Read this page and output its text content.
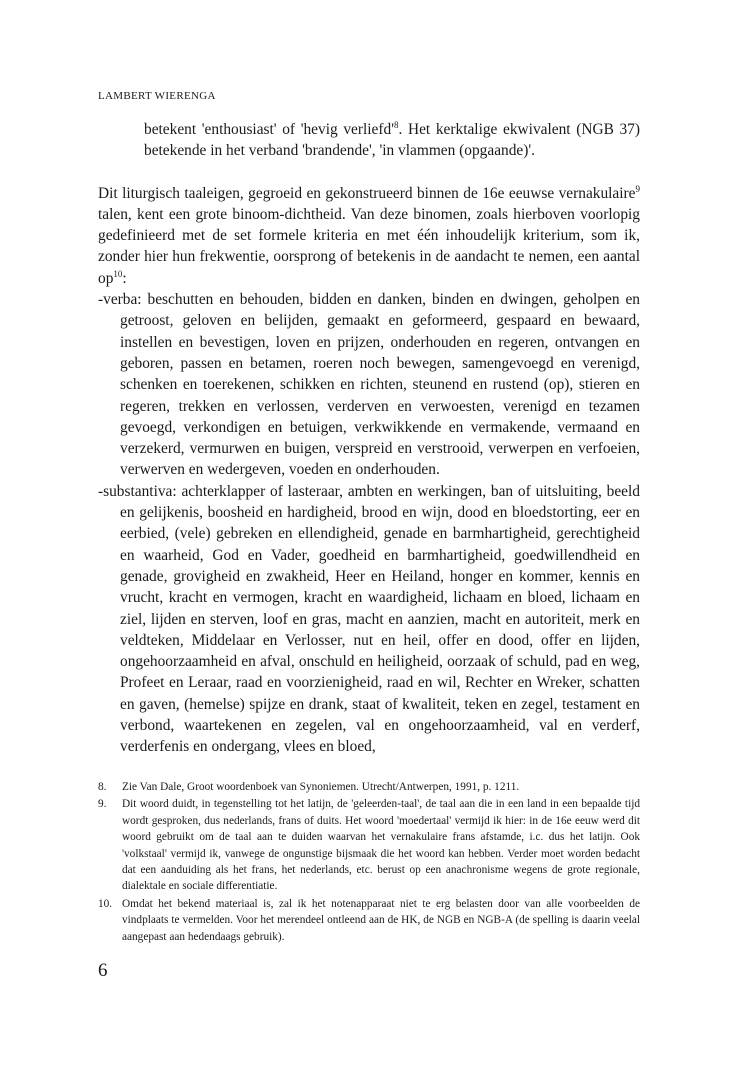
LAMBERT WIERENGA
betekent 'enthousiast' of 'hevig $verliefd'^8$. Het kerktalige ekwivalent (NGB 37) betekende in het verband 'brandende', 'in vlammen (opgaande)'.
Dit liturgisch taaleigen, gegroeid en gekonstrueerd binnen de 16e eeuwse vernakulaire$^9$ talen, kent een grote binoom-dichtheid. Van deze binomen, zoals hierboven voorlopig gedefinieerd met de set formele kriteria en met één inhoudelijk kriterium, som ik, zonder hier hun frekwentie, oorsprong of betekenis in de aandacht te nemen, een aantal $op^{10}$:
-verba: beschutten en behouden, bidden en danken, binden en dwingen, geholpen en getroost, geloven en belijden, gemaakt en geformeerd, gespaard en bewaard, instellen en bevestigen, loven en prijzen, onderhouden en regeren, ontvangen en geboren, passen en betamen, roeren noch bewegen, samengevoegd en verenigd, schenken en toerekenen, schikken en richten, steunend en rustend (op), stieren en regeren, trekken en verlossen, verderven en verwoesten, verenigd en tezamen gevoegd, verkondigen en betuigen, verkwikkende en vermakende, vermaand en verzekerd, vermurwen en buigen, verspreid en verstrooid, verwerpen en verfoeien, verwerven en wedergeven, voeden en onderhouden.
-substantiva: achterklapper of lasteraar, ambten en werkingen, ban of uitsluiting, beeld en gelijkenis, boosheid en hardigheid, brood en wijn, dood en bloedstorting, eer en eerbied, (vele) gebreken en ellendigheid, genade en barmhartigheid, gerechtigheid en waarheid, God en Vader, goedheid en barmhartigheid, goedwillendheid en genade, grovigheid en zwakheid, Heer en Heiland, honger en kommer, kennis en vrucht, kracht en vermogen, kracht en waardigheid, lichaam en bloed, lichaam en ziel, lijden en sterven, loof en gras, macht en aanzien, macht en autoriteit, merk en veldteken, Middelaar en Verlosser, nut en heil, offer en dood, offer en lijden, ongehoorzaamheid en afval, onschuld en heiligheid, oorzaak of schuld, pad en weg, Profeet en Leraar, raad en voorzienigheid, raad en wil, Rechter en Wreker, schatten en gaven, (hemelse) spijze en drank, staat of kwaliteit, teken en zegel, testament en verbond, waartekenen en zegelen, val en ongehoorzaamheid, val en verderf, verderfenis en ondergang, vlees en bloed,
8.	Zie Van Dale, Groot woordenboek van Synoniemen. Utrecht/Antwerpen, 1991, p. 1211.
9.	Dit woord duidt, in tegenstelling tot het latijn, de 'geleerden-taal', de taal aan die in een land in een bepaalde tijd wordt gesproken, dus nederlands, frans of duits. Het woord 'moedertaal' vermijd ik hier: in de 16e eeuw werd dit woord gebruikt om de taal aan te duiden waarvan het vernakulaire frans afstamde, i.c. dus het latijn. Ook 'volkstaal' vermijd ik, vanwege de ongunstige bijsmaak die het woord kan hebben. Verder moet worden bedacht dat een aanduiding als het frans, het nederlands, etc. berust op een anachronisme wegens de grote regionale, dialektale en sociale differentiatie.
10. Omdat het bekend materiaal is, zal ik het notenapparaat niet te erg belasten door van alle voorbeelden de vindplaats te vermelden. Voor het merendeel ontleend aan de HK, de NGB en NGB-A (de spelling is daarin veelal aangepast aan hedendaags gebruik).
6
